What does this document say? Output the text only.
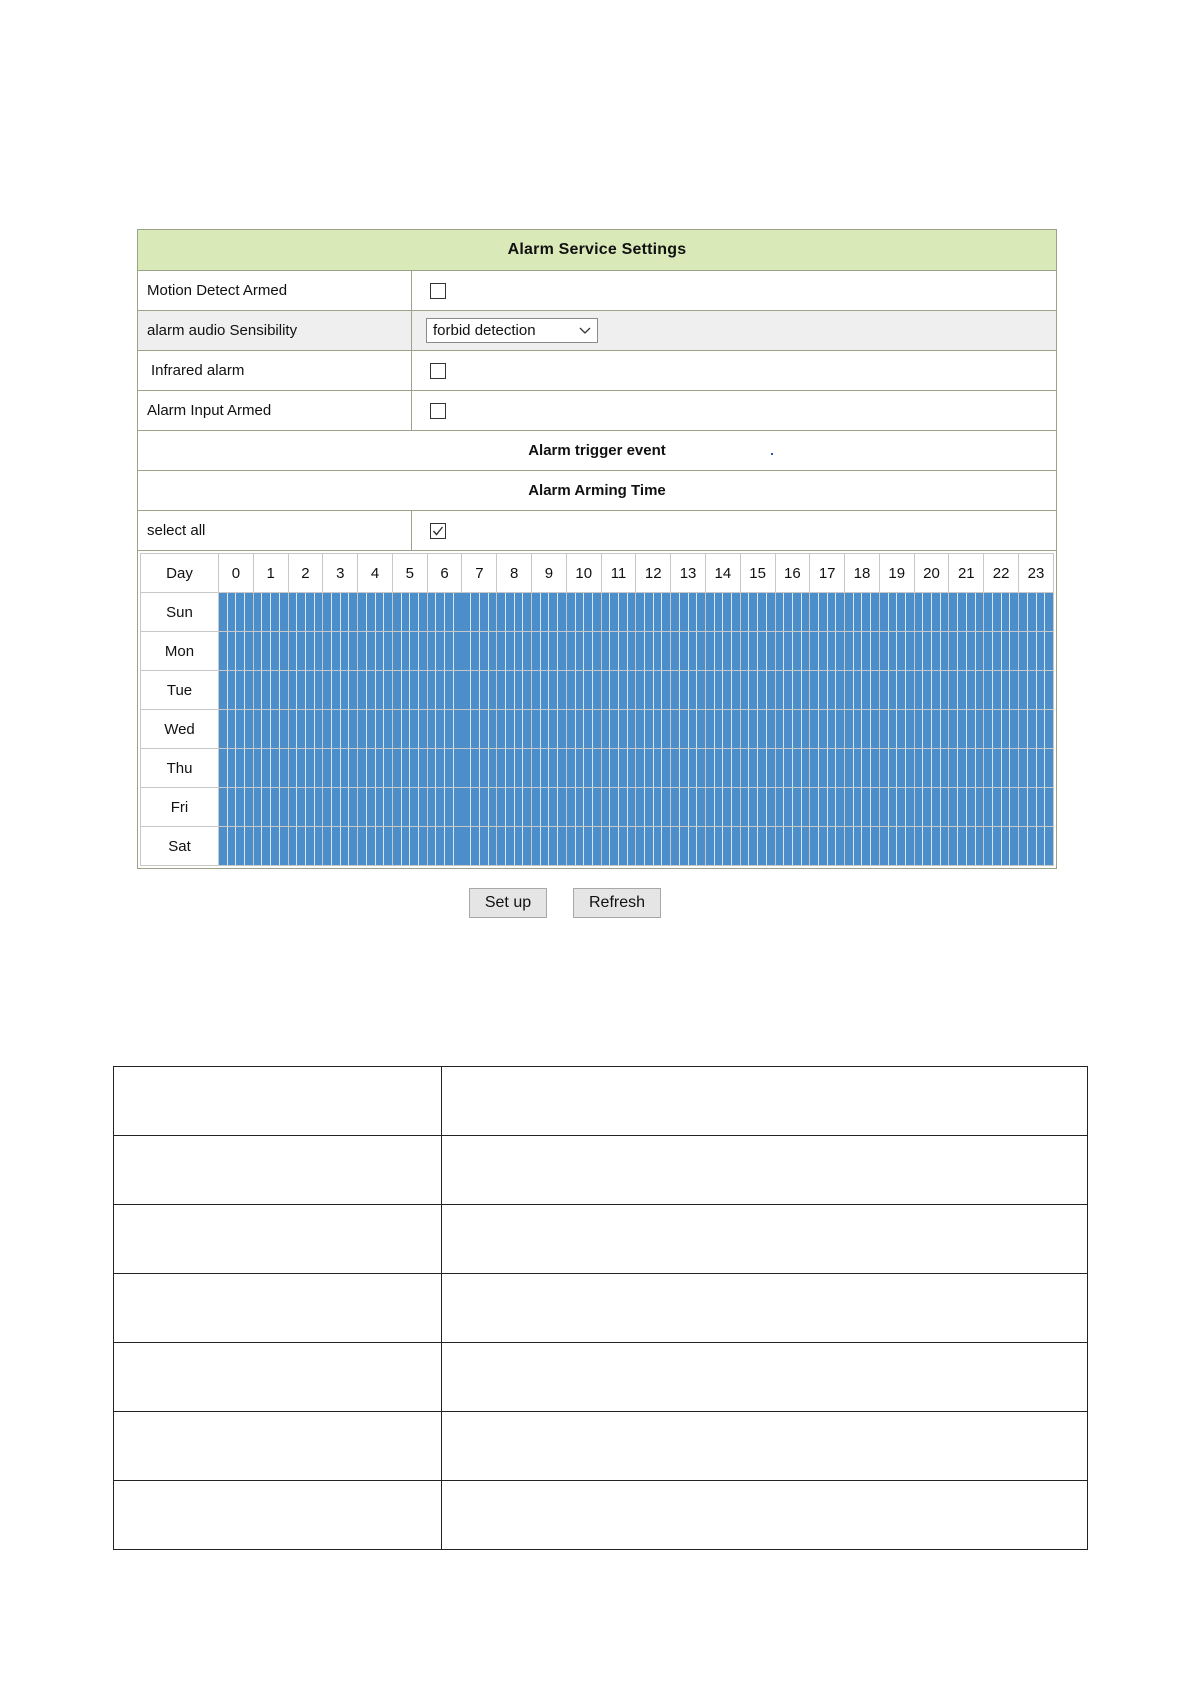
Alarm Service Settings
Motion Detect Armed
alarm audio Sensibility	forbid detection
Infrared alarm
Alarm Input Armed
Alarm trigger event
Alarm Arming Time
select all
Day	0	1	2	3	4	5	6	7	8	9	10	11	12	13	14	15	16	17	18	19	20	21	22	23
Sun	

Mon	

Tue	

Wed	

Thu	

Fri	

Sat	

Set up	Refresh
